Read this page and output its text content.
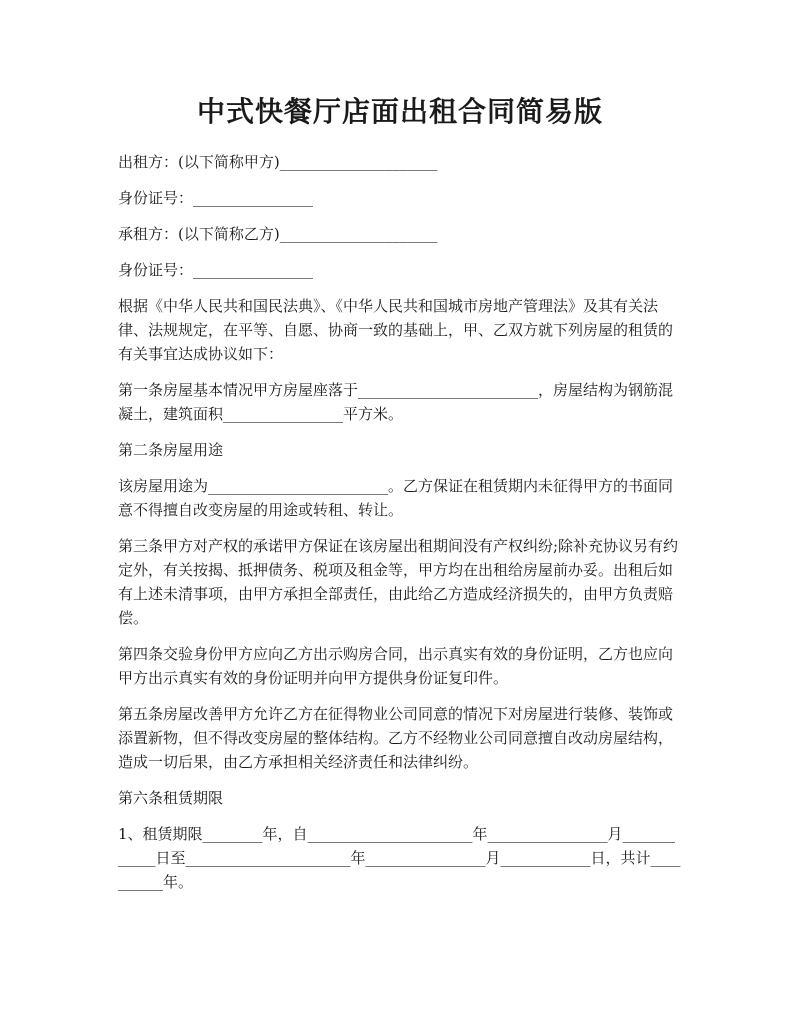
中式快餐厅店面出租合同简易版
出租方：(以下简称甲方)_____________________
身份证号：________________
承租方：(以下简称乙方)_____________________
身份证号：________________
根据《中华人民共和国民法典》、《中华人民共和国城市房地产管理法》及其有关法律、法规规定，在平等、自愿、协商一致的基础上，甲、乙双方就下列房屋的租赁的有关事宜达成协议如下：
第一条房屋基本情况甲方房屋座落于________________________，房屋结构为钢筋混凝土，建筑面积________________平方米。
第二条房屋用途
该房屋用途为________________________。乙方保证在租赁期内未征得甲方的书面同意不得擅自改变房屋的用途或转租、转让。
第三条甲方对产权的承诺甲方保证在该房屋出租期间没有产权纠纷;除补充协议另有约定外，有关按揭、抵押债务、税项及租金等，甲方均在出租给房屋前办妥。出租后如有上述未清事项，由甲方承担全部责任，由此给乙方造成经济损失的，由甲方负责赔偿。
第四条交验身份甲方应向乙方出示购房合同，出示真实有效的身份证明，乙方也应向甲方出示真实有效的身份证明并向甲方提供身份证复印件。
第五条房屋改善甲方允许乙方在征得物业公司同意的情况下对房屋进行装修、装饰或添置新物，但不得改变房屋的整体结构。乙方不经物业公司同意擅自改动房屋结构，造成一切后果，由乙方承担相关经济责任和法律纠纷。
第六条租赁期限
1、租赁期限________年，自______________________年________________月____________日至______________________年________________月____________日，共计__________年。
